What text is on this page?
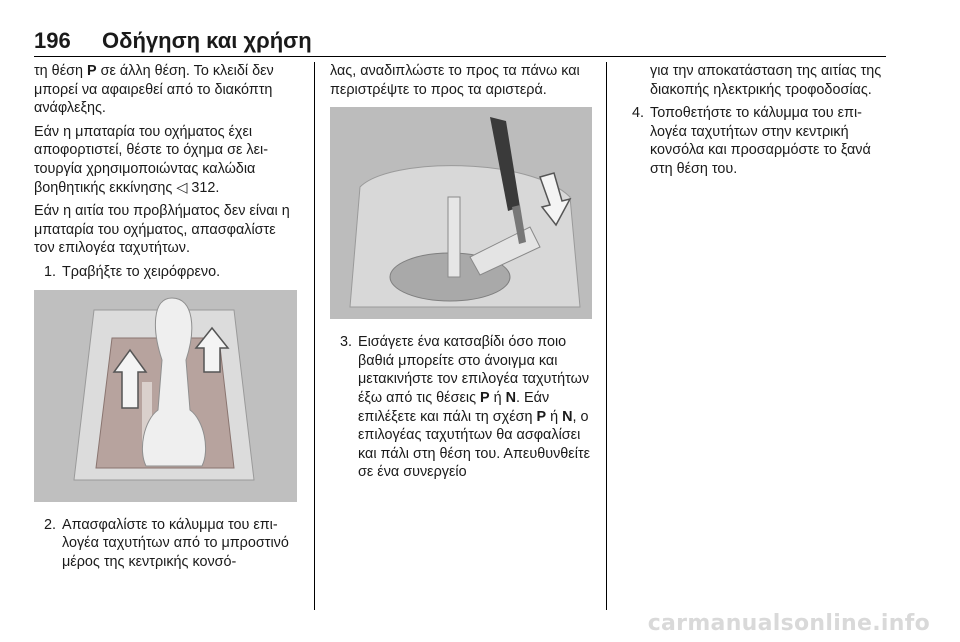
196 Οδήγηση και χρήση

τη θέση P σε άλλη θέση. Το κλειδί δεν μπορεί να αφαιρεθεί από το διακόπτη ανάφλεξης.

Εάν η μπαταρία του οχήματος έχει αποφορτιστεί, θέστε το όχημα σε λειτουργία χρησιμοποιώντας καλώδια βοηθητικής εκκίνησης ◁ 312.

Εάν η αιτία του προβλήματος δεν είναι η μπαταρία του οχήματος, απασφαλίστε τον επιλογέα ταχυτήτων.

1. Τραβήξτε το χειρόφρενο.
2. Απασφαλίστε το κάλυμμα του επιλογέα ταχυτήτων από το μπροστινό μέρος της κεντρικής κονσό-

λας, αναδιπλώστε το προς τα πάνω και περιστρέψτε το προς τα αριστερά.

3. Εισάγετε ένα κατσαβίδι όσο ποιο βαθιά μπορείτε στο άνοιγμα και μετακινήστε τον επιλογέα ταχυτήτων έξω από τις θέσεις P ή N. Εάν επιλέξετε και πάλι τη σχέση P ή N, ο επιλογέας ταχυτήτων θα ασφαλίσει και πάλι στη θέση του. Απευθυνθείτε σε ένα συνεργείο

για την αποκατάσταση της αιτίας της διακοπής ηλεκτρικής τροφοδοσίας.

4. Τοποθετήστε το κάλυμμα του επιλογέα ταχυτήτων στην κεντρική κονσόλα και προσαρμόστε το ξανά στη θέση του.
carmanualsonline.info
